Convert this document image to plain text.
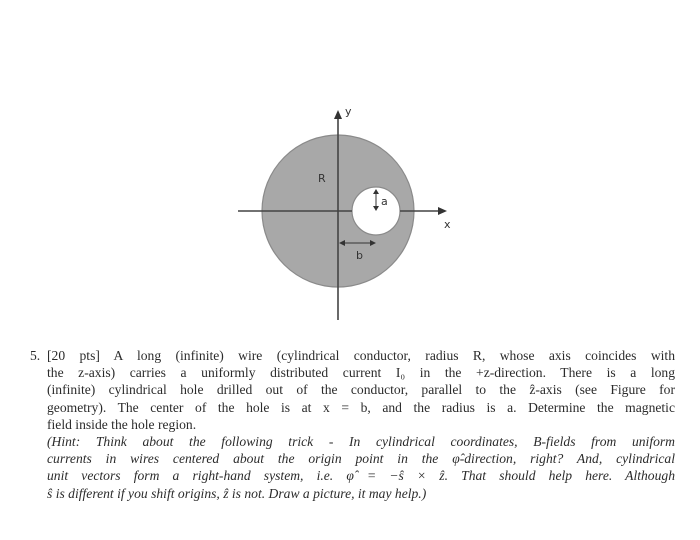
y
x
R
a
b
5. [20 pts] A long (infinite) wire (cylindrical conductor, radius R, whose axis coincides with
the z-axis) carries a uniformly distributed current I₀ in the +z-direction. There is a long
(infinite) cylindrical hole drilled out of the conductor, parallel to the ẑ-axis (see Figure for
geometry). The center of the hole is at x = b, and the radius is a. Determine the magnetic
field inside the hole region.
(Hint: Think about the following trick - In cylindrical coordinates, B-fields from uniform
currents in wires centered about the origin point in the φ̂-direction, right? And, cylindrical
unit vectors form a right-hand system, i.e. φ̂ = −ŝ × ẑ. That should help here. Although
ŝ is different if you shift origins, ẑ is not. Draw a picture, it may help.)
